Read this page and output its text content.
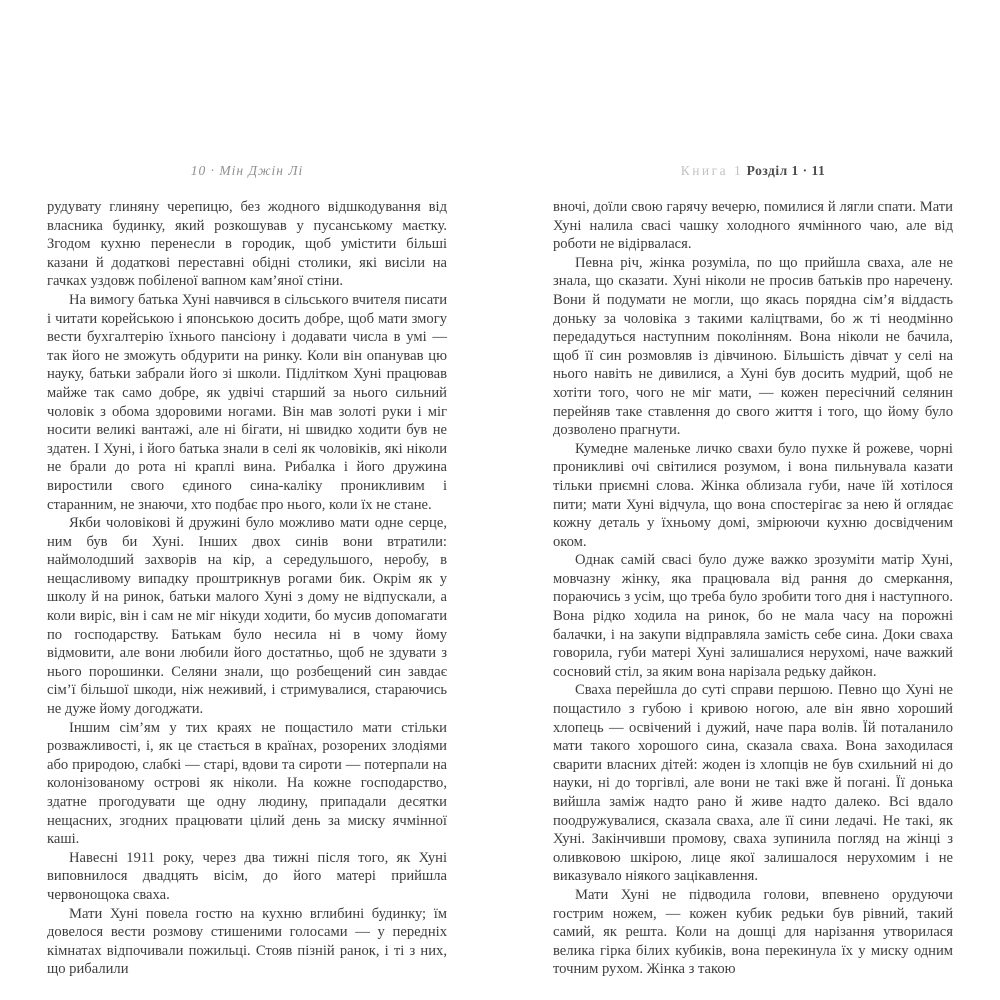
10 · Мін Джін Лі

рудувату глиняну черепицю, без жодного відшкодування від власника будинку, який розкошував у пусанському маєтку. Згодом кухню перенесли в городик, щоб умістити більші казани й додаткові переставні обідні столики, які висіли на гачках уздовж побіленої вапном кам’яної стіни.

На вимогу батька Хуні навчився в сільського вчителя писати і читати корейською і японською досить добре, щоб мати змогу вести бухгалтерію їхнього пансіону і додавати числа в умі — так його не зможуть обдурити на ринку. Коли він опанував цю науку, батьки забрали його зі школи. Підлітком Хуні працював майже так само добре, як удвічі старший за нього сильний чоловік з обома здоровими ногами. Він мав золоті руки і міг носити великі вантажі, але ні бігати, ні швидко ходити був не здатен. І Хуні, і його батька знали в селі як чоловіків, які ніколи не брали до рота ні краплі вина. Рибалка і його дружина виростили свого єдиного сина-каліку проникливим і старанним, не знаючи, хто подбає про нього, коли їх не стане.

Якби чоловікові й дружині було можливо мати одне серце, ним був би Хуні. Інших двох синів вони втратили: наймолодший захворів на кір, а середульшого, неробу, в нещасливому випадку проштрикнув рогами бик. Окрім як у школу й на ринок, батьки малого Хуні з дому не відпускали, а коли виріс, він і сам не міг нікуди ходити, бо мусив допомагати по господарству. Батькам було несила ні в чому йому відмовити, але вони любили його достатньо, щоб не здувати з нього порошинки. Селяни знали, що розбещений син завдає сім’ї більшої шкоди, ніж неживий, і стримувалися, стараючись не дуже йому догоджати.

Іншим сім’ям у тих краях не пощастило мати стільки розважливості, і, як це стається в країнах, розорених злодіями або природою, слабкі — старі, вдови та сироти — потерпали на колонізованому острові як ніколи. На кожне господарство, здатне прогодувати ще одну людину, припадали десятки нещасних, згодних працювати цілий день за миску ячмінної каші.

Навесні 1911 року, через два тижні після того, як Хуні виповнилося двадцять вісім, до його матері прийшла червонощока сваха.

Мати Хуні повела гостю на кухню вглибині будинку; їм довелося вести розмову стишеними голосами — у передніх кімнатах відпочивали пожильці. Стояв пізній ранок, і ті з них, що рибалили

Книга 1 Розділ 1 · 11

вночі, доїли свою гарячу вечерю, помилися й лягли спати. Мати Хуні налила свасі чашку холодного ячмінного чаю, але від роботи не відірвалася.

Певна річ, жінка розуміла, по що прийшла сваха, але не знала, що сказати. Хуні ніколи не просив батьків про наречену. Вони й подумати не могли, що якась порядна сім’я віддасть доньку за чоловіка з такими каліцтвами, бо ж ті неодмінно передадуться наступним поколінням. Вона ніколи не бачила, щоб її син розмовляв із дівчиною. Більшість дівчат у селі на нього навіть не дивилися, а Хуні був досить мудрий, щоб не хотіти того, чого не міг мати, — кожен пересічний селянин перейняв таке ставлення до свого життя і того, що йому було дозволено прагнути.

Кумедне маленьке личко свахи було пухке й рожеве, чорні проникливі очі світилися розумом, і вона пильнувала казати тільки приємні слова. Жінка облизала губи, наче їй хотілося пити; мати Хуні відчула, що вона спостерігає за нею й оглядає кожну деталь у їхньому домі, змірюючи кухню досвідченим оком.

Однак самій свасі було дуже важко зрозуміти матір Хуні, мовчазну жінку, яка працювала від рання до смеркання, пораючись з усім, що треба було зробити того дня і наступного. Вона рідко ходила на ринок, бо не мала часу на порожні балачки, і на закупи відправляла замість себе сина. Доки сваха говорила, губи матері Хуні залишалися нерухомі, наче важкий сосновий стіл, за яким вона нарізала редьку дайкон.

Сваха перейшла до суті справи першою. Певно що Хуні не пощастило з губою і кривою ногою, але він явно хороший хлопець — освічений і дужий, наче пара волів. Їй поталанило мати такого хорошого сина, сказала сваха. Вона заходилася сварити власних дітей: жоден із хлопців не був схильний ні до науки, ні до торгівлі, але вони не такі вже й погані. Її донька вийшла заміж надто рано й живе надто далеко. Всі вдало поодружувалися, сказала сваха, але її сини ледачі. Не такі, як Хуні. Закінчивши промову, сваха зупинила погляд на жінці з оливковою шкірою, лице якої залишалося нерухомим і не виказувало ніякого зацікавлення.

Мати Хуні не підводила голови, впевнено орудуючи гострим ножем, — кожен кубик редьки був рівний, такий самий, як решта. Коли на дошці для нарізання утворилася велика гірка білих кубиків, вона перекинула їх у миску одним точним рухом. Жінка з такою
